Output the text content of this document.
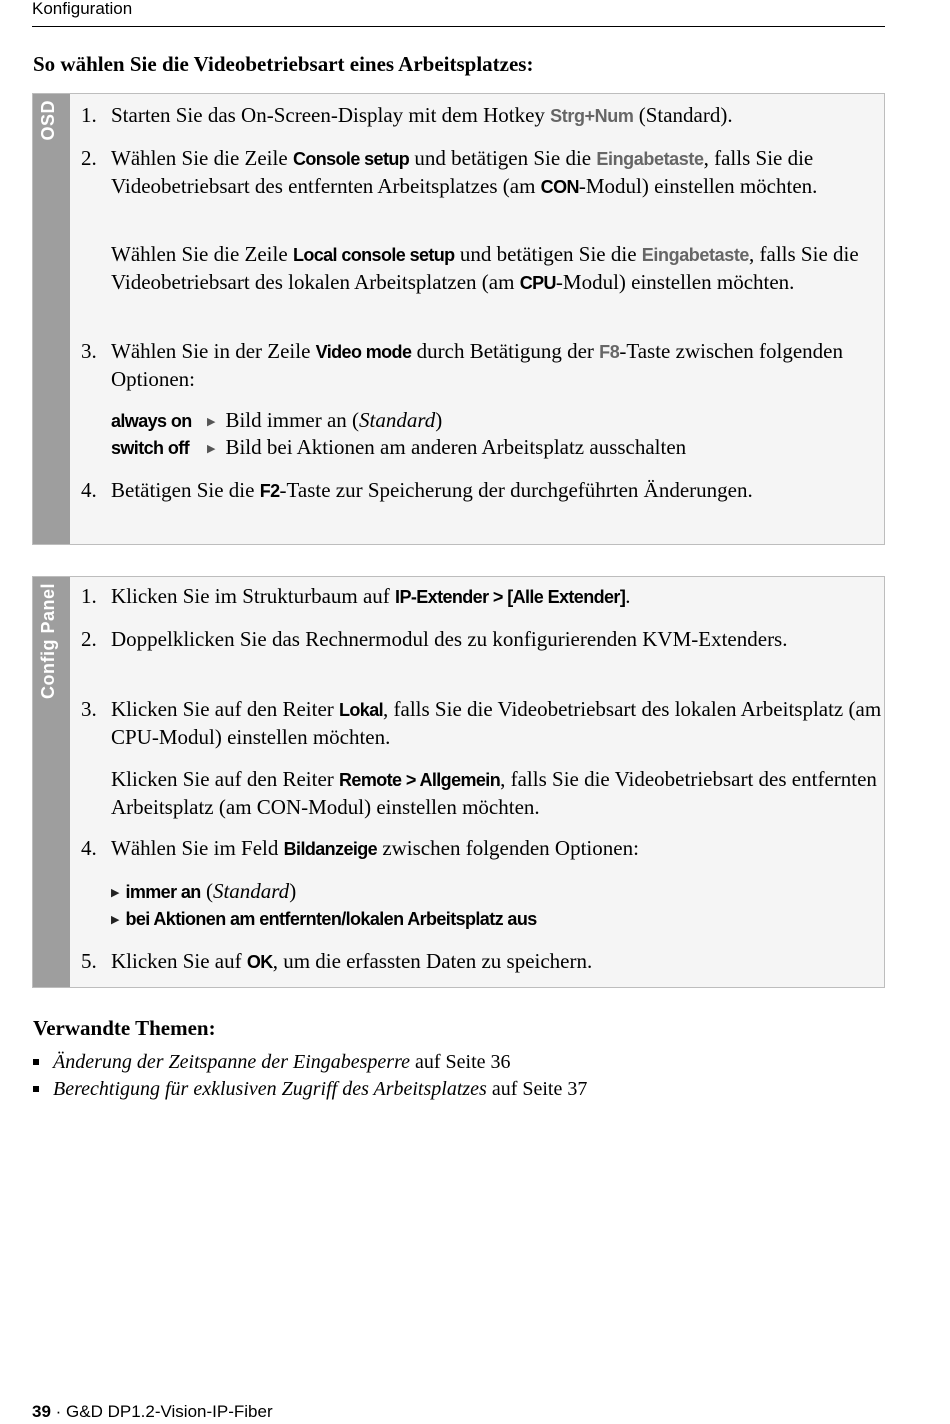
Konfiguration
So wählen Sie die Videobetriebsart eines Arbeitsplatzes:
OSD 1. Starten Sie das On-Screen-Display mit dem Hotkey Strg+Num (Standard).
2. Wählen Sie die Zeile Console setup und betätigen Sie die Eingabetaste, falls Sie die Videobetriebsart des entfernten Arbeitsplatzes (am CON-Modul) einstellen möchten.
Wählen Sie die Zeile Local console setup und betätigen Sie die Eingabetaste, falls Sie die Videobetriebsart des lokalen Arbeitsplatzen (am CPU-Modul) einstellen möchten.
3. Wählen Sie in der Zeile Video mode durch Betätigung der F8-Taste zwischen folgenden Optionen:
always on ▶ Bild immer an (Standard)
switch off ▶ Bild bei Aktionen am anderen Arbeitsplatz ausschalten
4. Betätigen Sie die F2-Taste zur Speicherung der durchgeführten Änderungen.
Config Panel 1. Klicken Sie im Strukturbaum auf IP-Extender > [Alle Extender].
2. Doppelklicken Sie das Rechnermodul des zu konfigurierenden KVM-Extenders.
3. Klicken Sie auf den Reiter Lokal, falls Sie die Videobetriebsart des lokalen Arbeitsplatz (am CPU-Modul) einstellen möchten.
Klicken Sie auf den Reiter Remote > Allgemein, falls Sie die Videobetriebsart des entfernten Arbeitsplatz (am CON-Modul) einstellen möchten.
4. Wählen Sie im Feld Bildanzeige zwischen folgenden Optionen:
▶ immer an (Standard)
▶ bei Aktionen am entfernten/lokalen Arbeitsplatz aus
5. Klicken Sie auf OK, um die erfassten Daten zu speichern.
Verwandte Themen:
Änderung der Zeitspanne der Eingabesperre auf Seite 36
Berechtigung für exklusiven Zugriff des Arbeitsplatzes auf Seite 37
39 · G&D DP1.2-Vision-IP-Fiber
